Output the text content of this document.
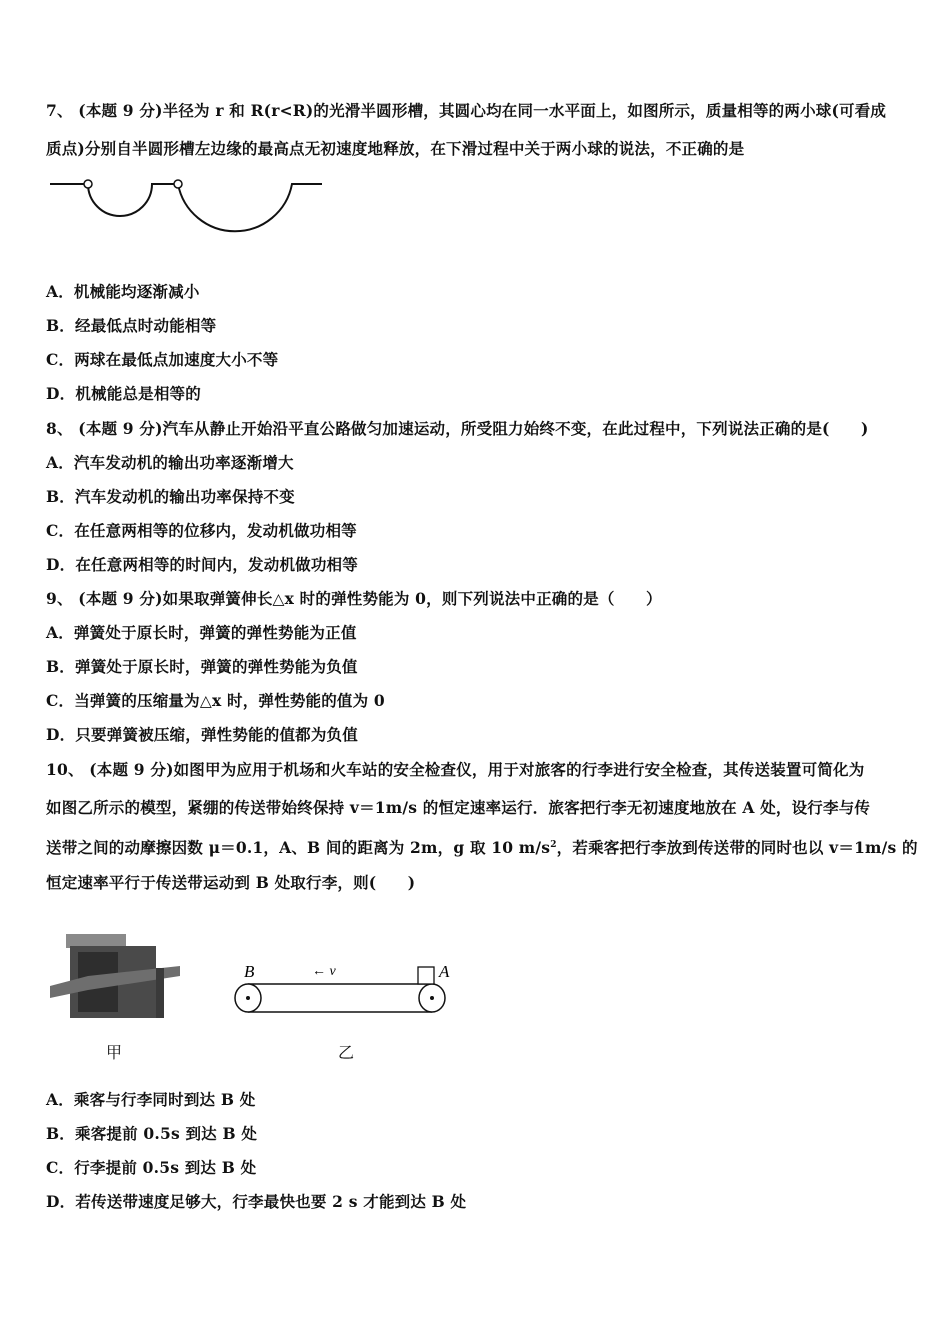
7、 (本题 9 分)半径为 r 和 R(r<R)的光滑半圆形槽，其圆心均在同一水平面上，如图所示，质量相等的两小球(可看成
质点)分别自半圆形槽左边缘的最高点无初速度地释放，在下滑过程中关于两小球的说法，不正确的是
A．机械能均逐渐减小
B．经最低点时动能相等
C．两球在最低点加速度大小不等
D．机械能总是相等的
8、 (本题 9 分)汽车从静止开始沿平直公路做匀加速运动，所受阻力始终不变，在此过程中，下列说法正确的是(　　)
A．汽车发动机的输出功率逐渐增大
B．汽车发动机的输出功率保持不变
C．在任意两相等的位移内，发动机做功相等
D．在任意两相等的时间内，发动机做功相等
9、 (本题 9 分)如果取弹簧伸长△x 时的弹性势能为 0，则下列说法中正确的是（　　）
A．弹簧处于原长时，弹簧的弹性势能为正值
B．弹簧处于原长时，弹簧的弹性势能为负值
C．当弹簧的压缩量为△x 时，弹性势能的值为 0
D．只要弹簧被压缩，弹性势能的值都为负值
10、 (本题 9 分)如图甲为应用于机场和火车站的安全检查仪，用于对旅客的行李进行安全检查，其传送装置可简化为
如图乙所示的模型，紧绷的传送带始终保持 v＝1m/s 的恒定速率运行．旅客把行李无初速度地放在 A 处，设行李与传
送带之间的动摩擦因数 μ＝0.1，A、B 间的距离为 2m，g 取 10 $m/s^2$，若乘客把行李放到传送带的同时也以 v＝1m/s 的
恒定速率平行于传送带运动到 B 处取行李，则(　　)
甲
B	A
← v
乙
A．乘客与行李同时到达 B 处
B．乘客提前 0.5s 到达 B 处
C．行李提前 0.5s 到达 B 处
D．若传送带速度足够大，行李最快也要 2 s 才能到达 B 处
